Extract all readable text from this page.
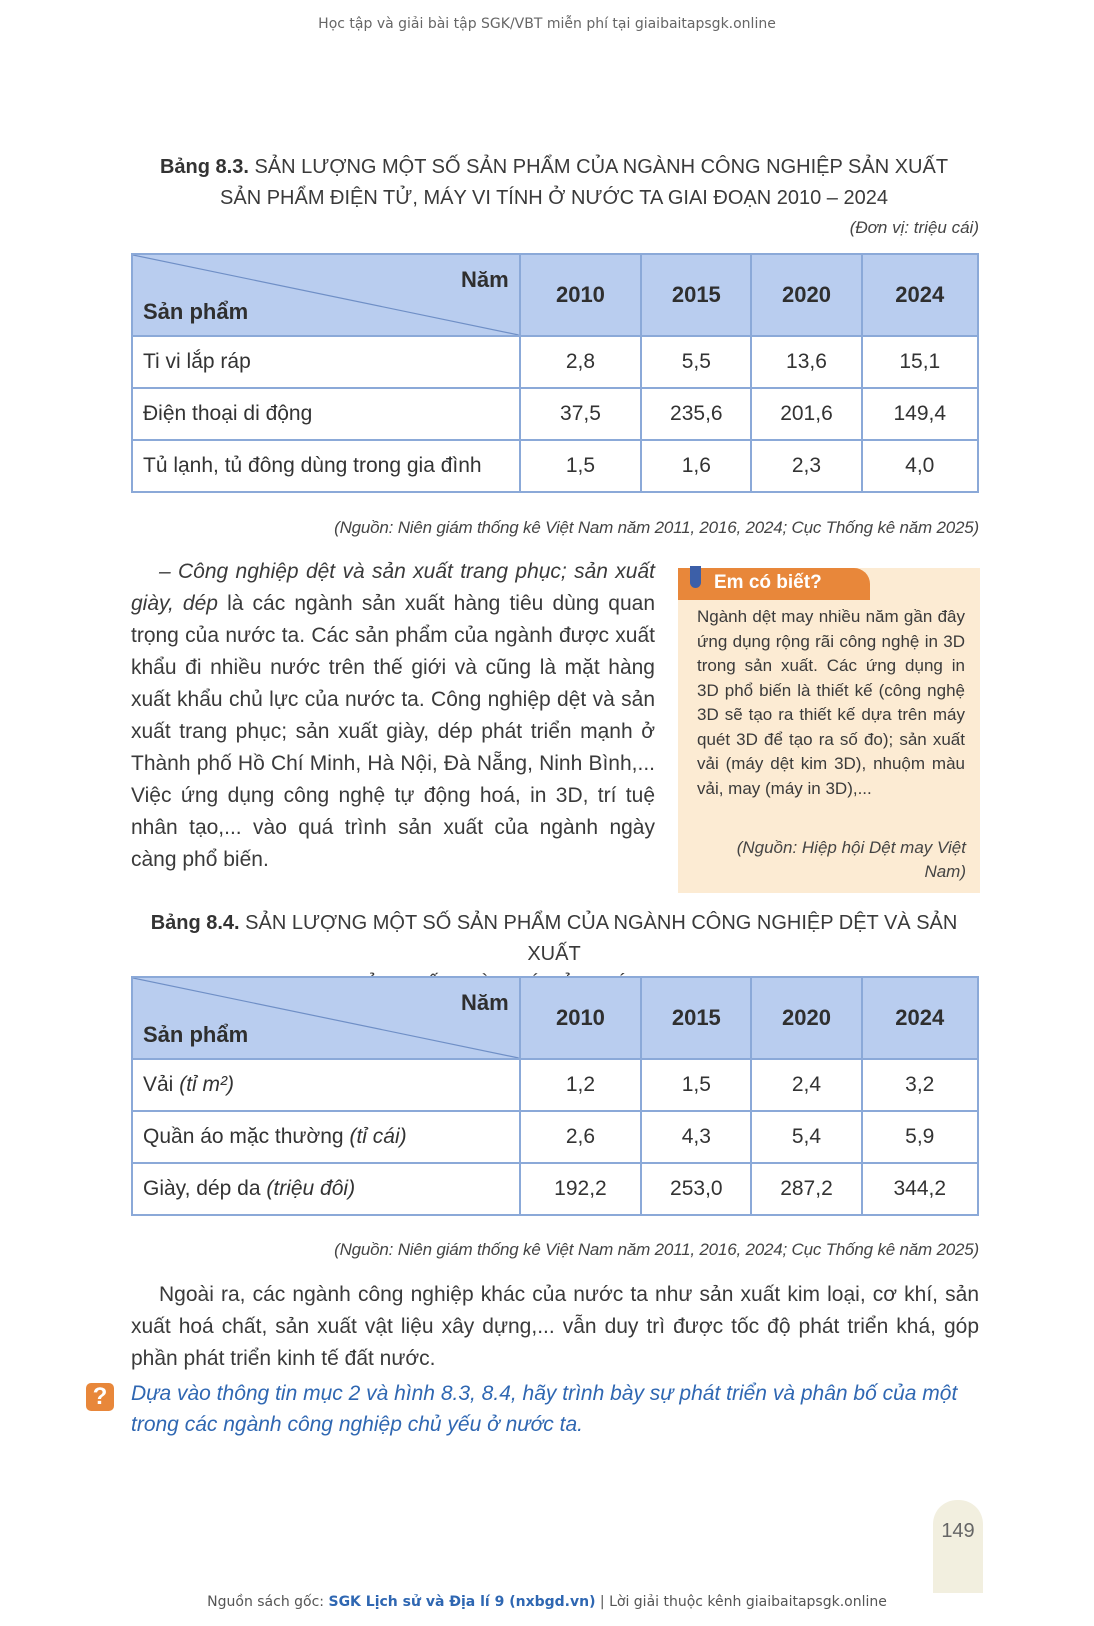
Học tập và giải bài tập SGK/VBT miễn phí tại giaibaitapsgk.online
Bảng 8.3. SẢN LƯỢNG MỘT SỐ SẢN PHẨM CỦA NGÀNH CÔNG NGHIỆP SẢN XUẤT
SẢN PHẨM ĐIỆN TỬ, MÁY VI TÍNH Ở NƯỚC TA GIAI ĐOẠN 2010 – 2024
(Đơn vị: triệu cái)
Năm
Sản phẩm	2010	2015	2020	2024
Ti vi lắp ráp	2,8	5,5	13,6	15,1
Điện thoại di động	37,5	235,6	201,6	149,4
Tủ lạnh, tủ đông dùng trong gia đình	1,5	1,6	2,3	4,0
(Nguồn: Niên giám thống kê Việt Nam năm 2011, 2016, 2024; Cục Thống kê năm 2025)
– Công nghiệp dệt và sản xuất trang phục; sản xuất giày, dép là các ngành sản xuất hàng tiêu dùng quan trọng của nước ta. Các sản phẩm của ngành được xuất khẩu đi nhiều nước trên thế giới và cũng là mặt hàng xuất khẩu chủ lực của nước ta. Công nghiệp dệt và sản xuất trang phục; sản xuất giày, dép phát triển mạnh ở Thành phố Hồ Chí Minh, Hà Nội, Đà Nẵng, Ninh Bình,... Việc ứng dụng công nghệ tự động hoá, in 3D, trí tuệ nhân tạo,... vào quá trình sản xuất của ngành ngày càng phổ biến.
Em có biết?
Ngành dệt may nhiều năm gần đây ứng dụng rộng rãi công nghệ in 3D trong sản xuất. Các ứng dụng in 3D phổ biến là thiết kế (công nghệ 3D sẽ tạo ra thiết kế dựa trên máy quét 3D để tạo ra số đo); sản xuất vải (máy dệt kim 3D), nhuộm màu vải, may (máy in 3D),...
(Nguồn: Hiệp hội Dệt may Việt Nam)
Bảng 8.4. SẢN LƯỢNG MỘT SỐ SẢN PHẨM CỦA NGÀNH CÔNG NGHIỆP DỆT VÀ SẢN XUẤT
Năm
Sản phẩm	2010	2015	2020	2024
Vải (tỉ m²)	1,2	1,5	2,4	3,2
Quần áo mặc thường (tỉ cái)	2,6	4,3	5,4	5,9
Giày, dép da (triệu đôi)	192,2	253,0	287,2	344,2
(Nguồn: Niên giám thống kê Việt Nam năm 2011, 2016, 2024; Cục Thống kê năm 2025)
Ngoài ra, các ngành công nghiệp khác của nước ta như sản xuất kim loại, cơ khí, sản xuất hoá chất, sản xuất vật liệu xây dựng,... vẫn duy trì được tốc độ phát triển khá, góp phần phát triển kinh tế đất nước.
?	Dựa vào thông tin mục 2 và hình 8.3, 8.4, hãy trình bày sự phát triển và phân bố của một trong các ngành công nghiệp chủ yếu ở nước ta.
149
Nguồn sách gốc: SGK Lịch sử và Địa lí 9 (nxbgd.vn) | Lời giải thuộc kênh giaibaitapsgk.online
